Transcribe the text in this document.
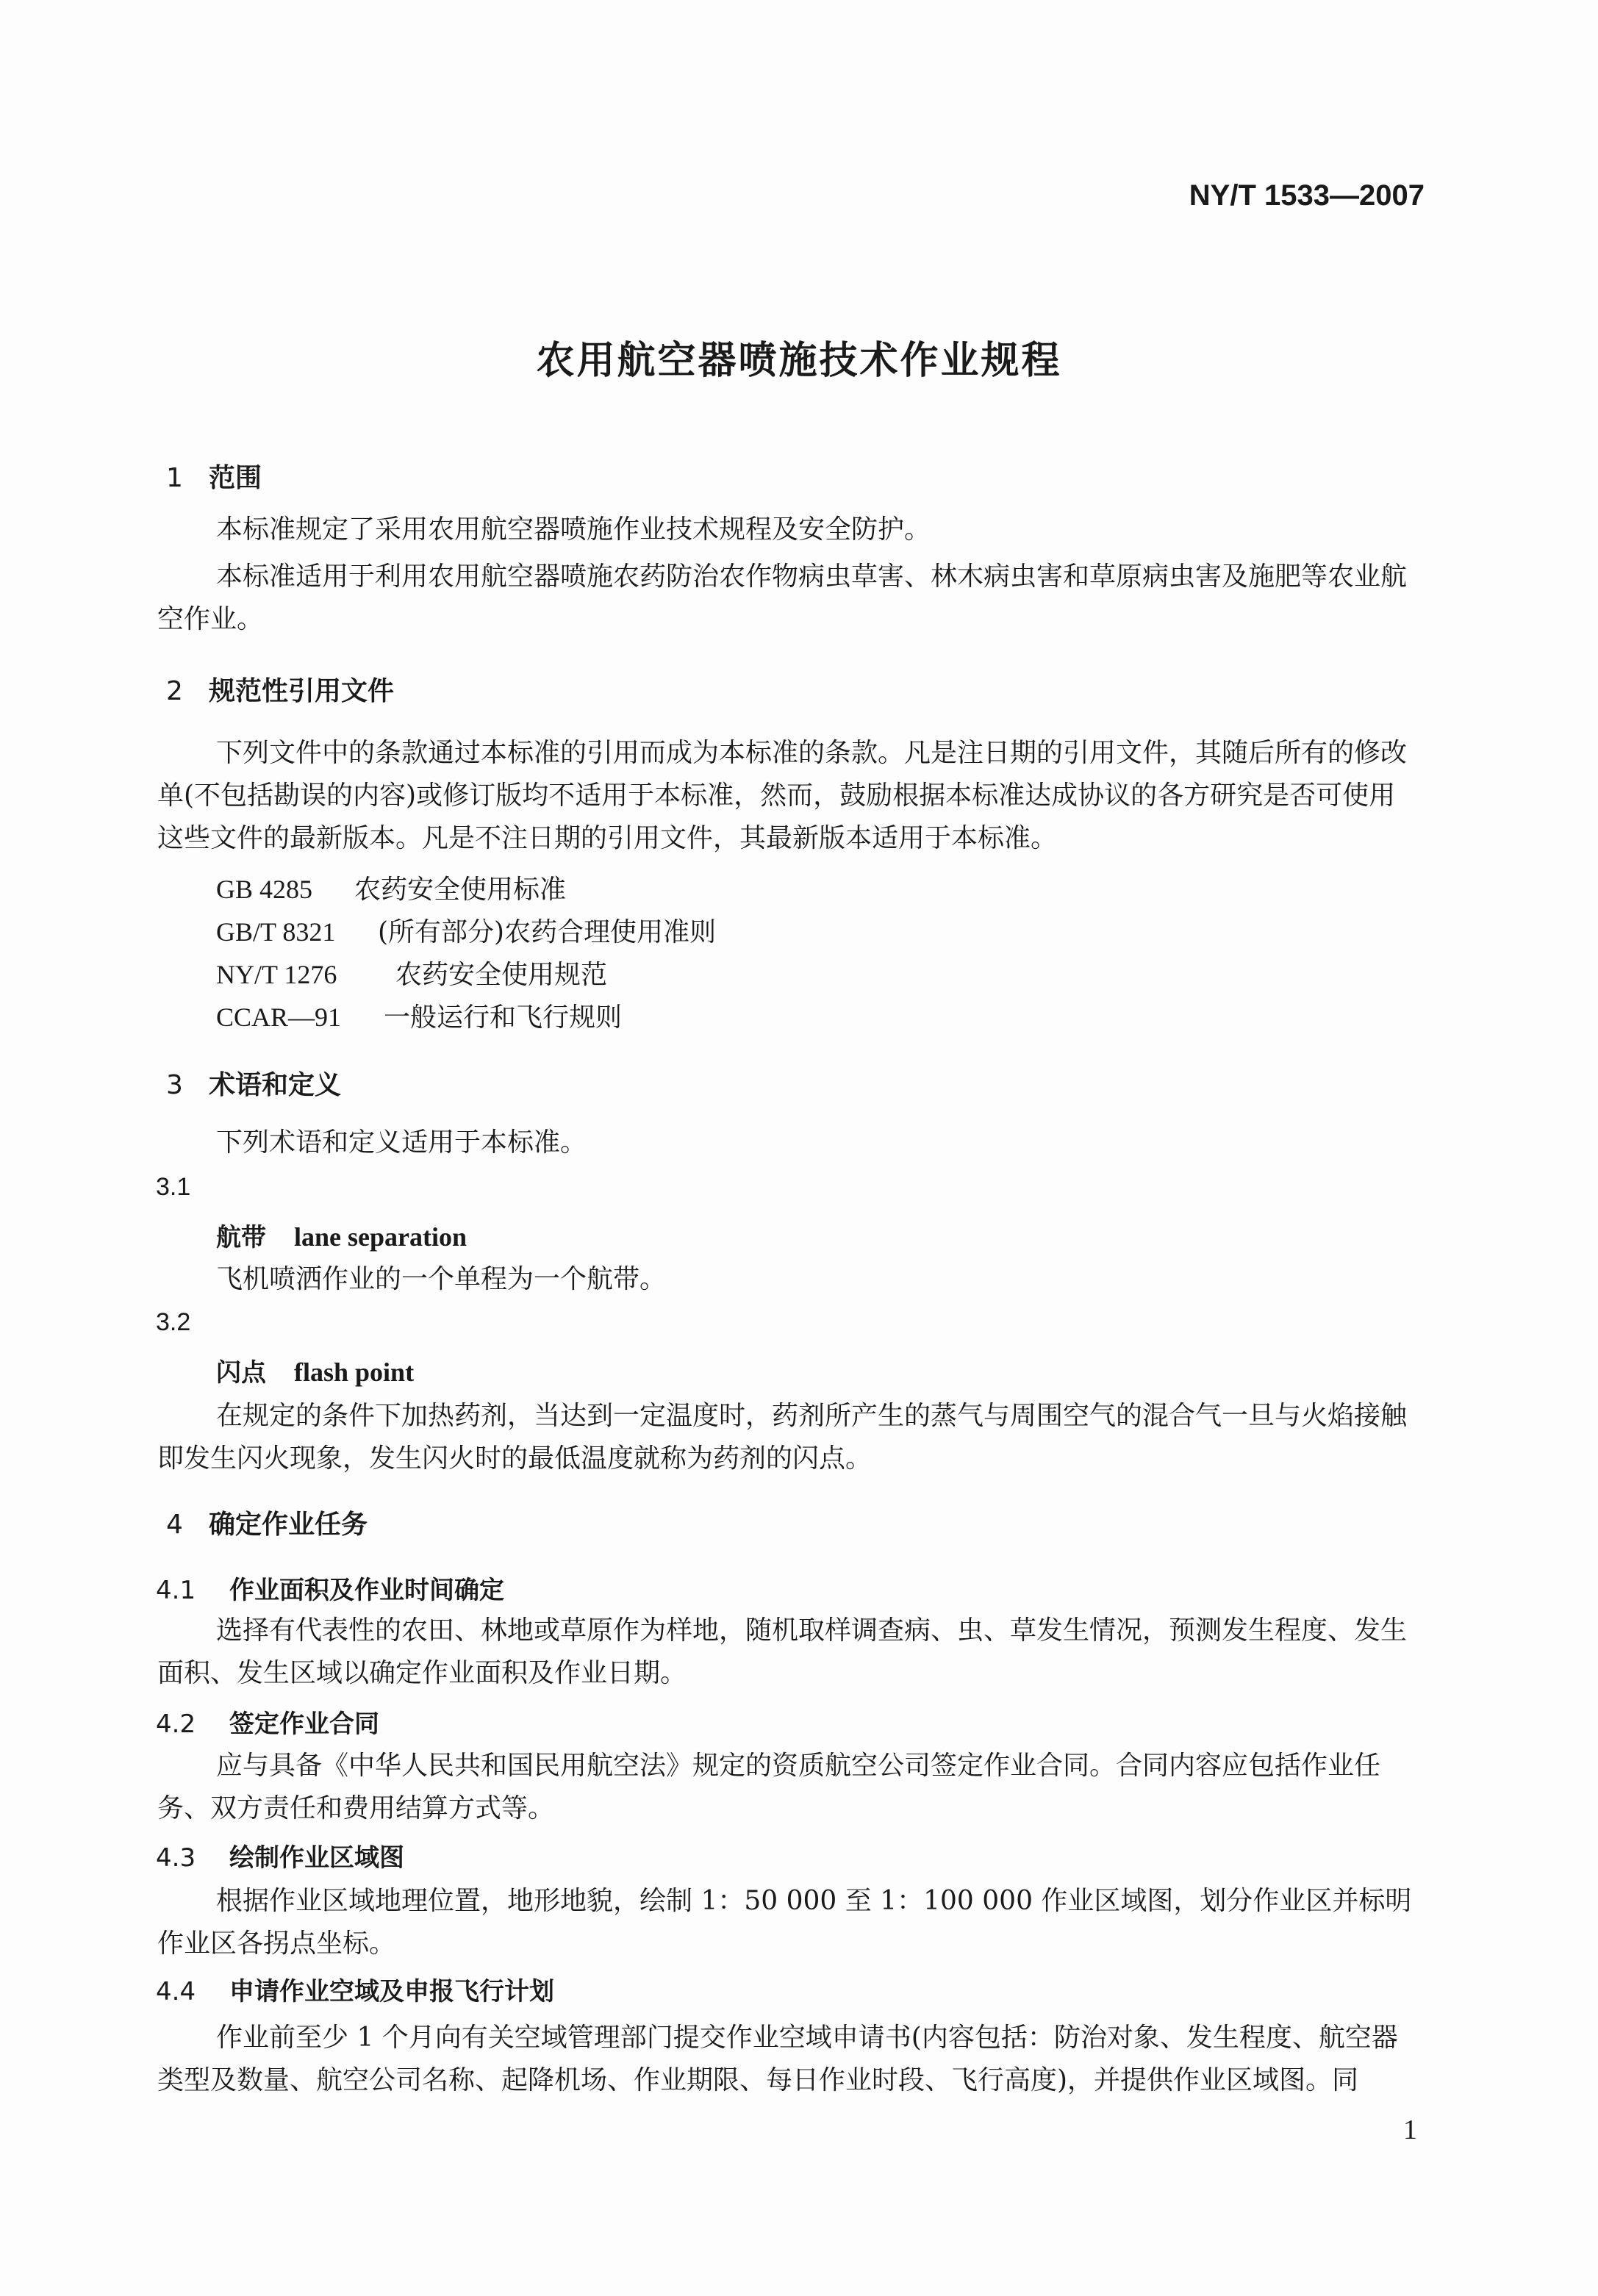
NY/T 1533—2007
农用航空器喷施技术作业规程
1 范围
本标准规定了采用农用航空器喷施作业技术规程及安全防护。
本标准适用于利用农用航空器喷施农药防治农作物病虫草害、林木病虫害和草原病虫害及施肥等农业航空作业。
2 规范性引用文件
下列文件中的条款通过本标准的引用而成为本标准的条款。凡是注日期的引用文件，其随后所有的修改单(不包括勘误的内容)或修订版均不适用于本标准，然而，鼓励根据本标准达成协议的各方研究是否可使用这些文件的最新版本。凡是不注日期的引用文件，其最新版本适用于本标准。
GB 4285 农药安全使用标准
GB/T 8321 (所有部分)农药合理使用准则
NY/T 1276 农药安全使用规范
CCAR—91 一般运行和飞行规则
3 术语和定义
下列术语和定义适用于本标准。
3.1
航带 lane separation
飞机喷洒作业的一个单程为一个航带。
3.2
闪点 flash point
在规定的条件下加热药剂，当达到一定温度时，药剂所产生的蒸气与周围空气的混合气一旦与火焰接触即发生闪火现象，发生闪火时的最低温度就称为药剂的闪点。
4 确定作业任务
4.1 作业面积及作业时间确定
选择有代表性的农田、林地或草原作为样地，随机取样调查病、虫、草发生情况，预测发生程度、发生面积、发生区域以确定作业面积及作业日期。
4.2 签定作业合同
应与具备《中华人民共和国民用航空法》规定的资质航空公司签定作业合同。合同内容应包括作业任务、双方责任和费用结算方式等。
4.3 绘制作业区域图
根据作业区域地理位置，地形地貌，绘制 1：50 000 至 1：100 000 作业区域图，划分作业区并标明作业区各拐点坐标。
4.4 申请作业空域及申报飞行计划
作业前至少 1 个月向有关空域管理部门提交作业空域申请书(内容包括：防治对象、发生程度、航空器类型及数量、航空公司名称、起降机场、作业期限、每日作业时段、飞行高度)，并提供作业区域图。同
1
